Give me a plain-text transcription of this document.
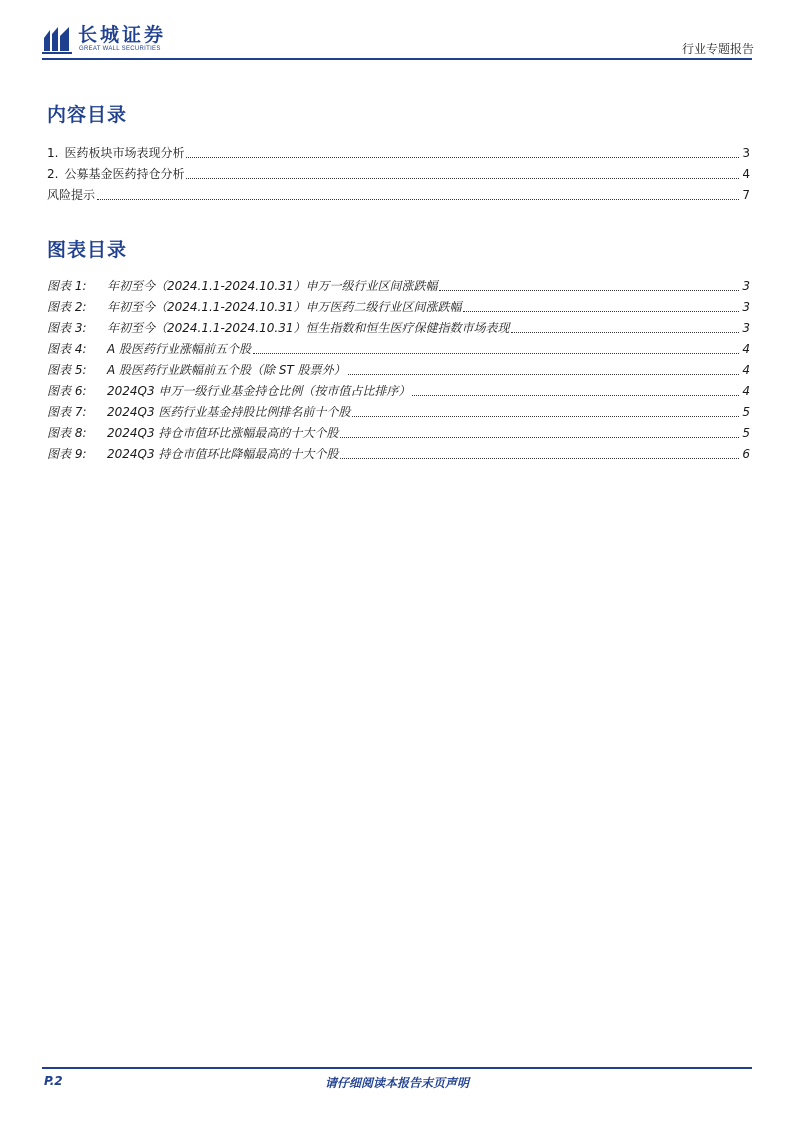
长城证券
GREAT WALL SECURITIES	行业专题报告
内容目录
1. 医药板块市场表现分析	3
2. 公募基金医药持仓分析	4
风险提示	7
图表目录
图表 1:	年初至今（2024.1.1-2024.10.31）申万一级行业区间涨跌幅	3
图表 2:	年初至今（2024.1.1-2024.10.31）申万医药二级行业区间涨跌幅	3
图表 3:	年初至今（2024.1.1-2024.10.31）恒生指数和恒生医疗保健指数市场表现	3
图表 4:	A 股医药行业涨幅前五个股	4
图表 5:	A 股医药行业跌幅前五个股（除 ST 股票外）	4
图表 6:	2024Q3 申万一级行业基金持仓比例（按市值占比排序）	4
图表 7:	2024Q3 医药行业基金持股比例排名前十个股	5
图表 8:	2024Q3 持仓市值环比涨幅最高的十大个股	5
图表 9:	2024Q3 持仓市值环比降幅最高的十大个股	6
请仔细阅读本报告末页声明
P.2
